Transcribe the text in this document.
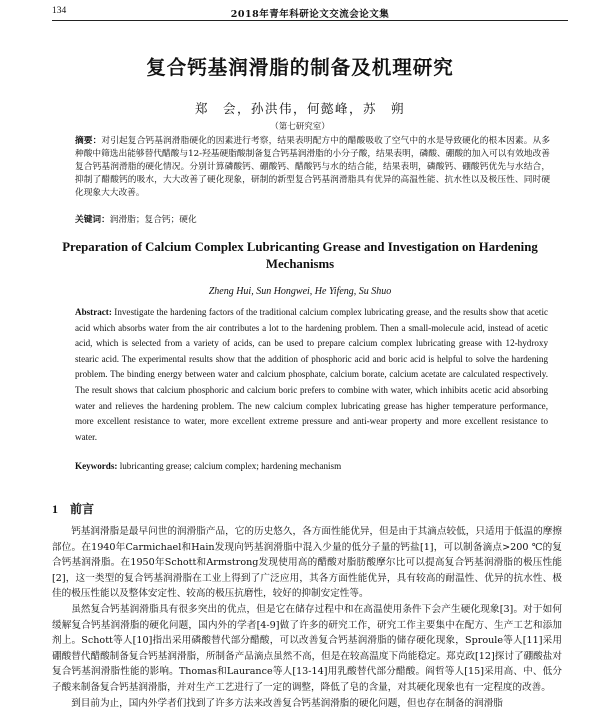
134	2018年青年科研论文交流会论文集
复合钙基润滑脂的制备及机理研究
郑　会，孙洪伟，何懿峰，苏　朔
（第七研究室）
摘要：对引起复合钙基润滑脂硬化的因素进行考察，结果表明配方中的醋酸吸收了空气中的水是导致硬化的根本因素。从多种酸中筛选出能够替代醋酸与12-羟基硬脂酸制备复合钙基润滑脂的小分子酸，结果表明，磷酸、硼酸的加入可以有效地改善复合钙基润滑脂的硬化情况。分别计算磷酸钙、硼酸钙、醋酸钙与水的结合能，结果表明，磷酸钙、硼酸钙优先与水结合，抑制了醋酸钙的吸水，大大改善了硬化现象，研制的新型复合钙基润滑脂具有优异的高温性能、抗水性以及极压性、同时硬化现象大大改善。
关键词：润滑脂；复合钙；硬化
Preparation of Calcium Complex Lubricanting Grease and Investigation on Hardening Mechanisms
Zheng Hui, Sun Hongwei, He Yifeng, Su Shuo
Abstract: Investigate the hardening factors of the traditional calcium complex lubricating grease, and the results show that acetic acid which absorbs water from the air contributes a lot to the hardening problem. Then a small-molecule acid, instead of acetic acid, which is selected from a variety of acids, can be used to prepare calcium complex lubricating grease with 12-hydroxy stearic acid. The experimental results show that the addition of phosphoric acid and boric acid is helpful to solve the hardening problem. The binding energy between water and calcium phosphate, calcium borate, calcium acetate are calculated respectively. The result shows that calcium phosphoric and calcium boric prefers to combine with water, which inhibits acetic acid absorbing water and relieves the hardening problem. The new calcium complex lubricating grease has higher temperature performance, more excellent resistance to water, more excellent extreme pressure and anti-wear property and more excellent resistance to water.
Keywords: lubricanting grease; calcium complex; hardening mechanism
1 前言

钙基润滑脂是最早问世的润滑脂产品，它的历史悠久，各方面性能优异，但是由于其滴点较低，只适用于低温的摩擦部位。在1940年Carmichael和Hain发现向钙基润滑脂中混入少量的低分子量的钙盐[1]，可以制备滴点>200 ℃的复合钙基润滑脂。在1950年Schott和Armstrong发现使用高的醋酸对脂肪酸摩尔比可以提高复合钙基润滑脂的极压性能[2]，这一类型的复合钙基润滑脂在工业上得到了广泛应用，其各方面性能优异，具有较高的耐温性、优异的抗水性、极佳的极压性能以及整体安定性、较高的极压抗磨性，较好的抑制安定性等。

虽然复合钙基润滑脂具有很多突出的优点，但是它在储存过程中和在高温使用条件下会产生硬化现象[3]。对于如何缓解复合钙基润滑脂的硬化问题，国内外的学者[4-9]做了许多的研究工作，研究工作主要集中在配方、生产工艺和添加剂上。Schott等人[10]指出采用磷酸替代部分醋酸，可以改善复合钙基润滑脂的储存硬化现象，Sproule等人[11]采用硼酸替代醋酸制备复合钙基润滑脂，所制备产品滴点虽然不高，但是在较高温度下尚能稳定。郑克政[12]探讨了硼酸盐对复合钙基润滑脂性能的影响。Thomas和Laurance等人[13-14]用乳酸替代部分醋酸。阎哲等人[15]采用高、中、低分子酸来制备复合钙基润滑脂，并对生产工艺进行了一定的调整，降低了皂的含量，对其硬化现象也有一定程度的改善。

到目前为止，国内外学者们找到了许多方法来改善复合钙基润滑脂的硬化问题，但也存在制备的润滑脂
